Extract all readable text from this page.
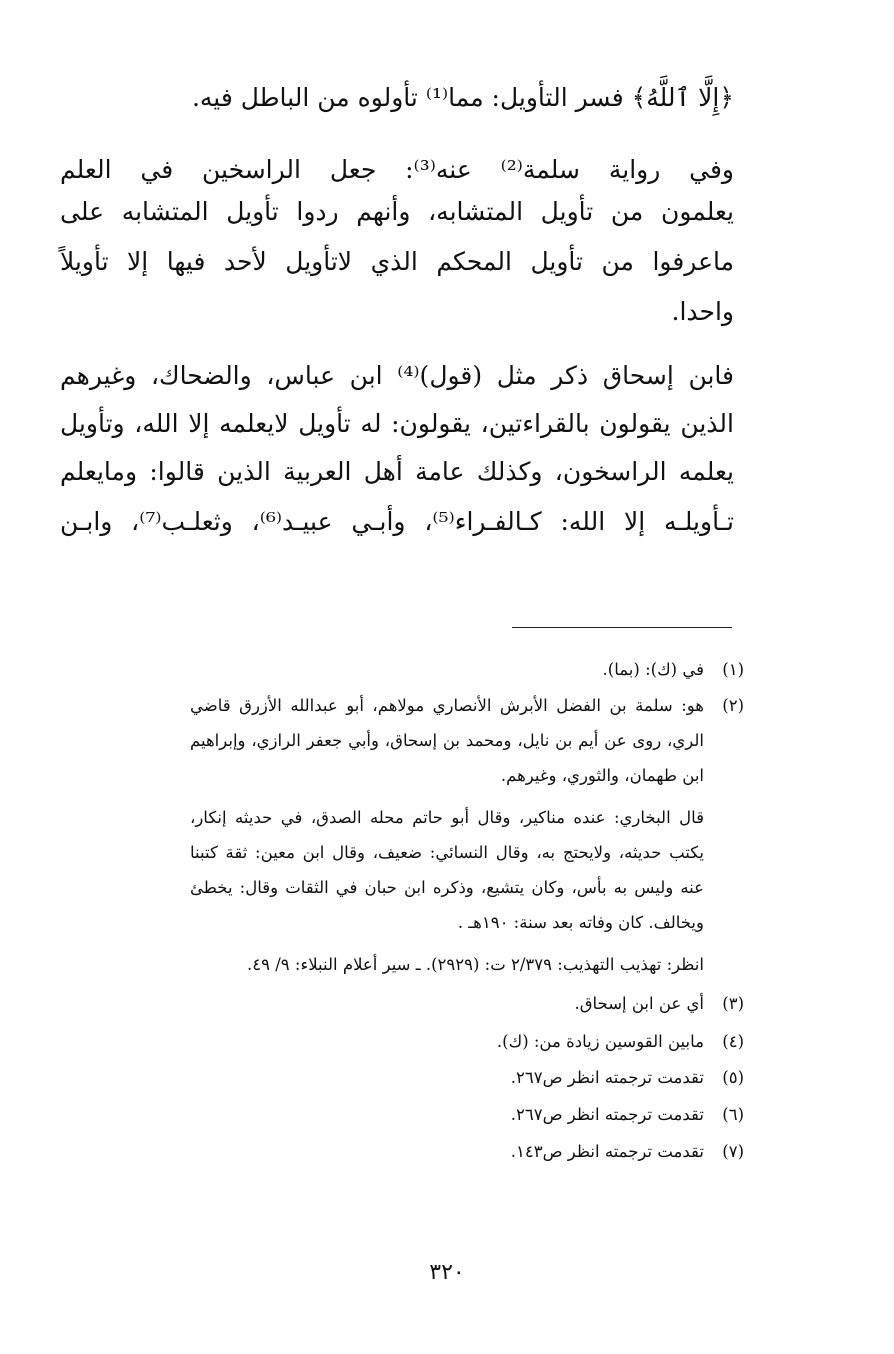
﴿إِلَّا ٱللَّهُ﴾ فسر التأويل: مما⁽¹⁾ تأولوه من الباطل فيه.
وفي رواية سلمة⁽²⁾ عنه⁽³⁾: جعل الراسخين في العلم
يعلمون من تأويل المتشابه، وأنهم ردوا تأويل المتشابه على
ماعرفوا من تأويل المحكم الذي لاتأويل لأحد فيها إلا تأويلاً
واحدا.
فابن إسحاق ذكر مثل (قول)⁽⁴⁾ ابن عباس، والضحاك، وغيرهم
الذين يقولون بالقراءتين، يقولون: له تأويل لايعلمه إلا الله، وتأويل
يعلمه الراسخون، وكذلك عامة أهل العربية الذين قالوا: ومايعلم
تـأويلـه إلا الله: كـالفـراء⁽⁵⁾، وأبـي عبيـد⁽⁶⁾، وثعلـب⁽⁷⁾، وابـن
(١)
في (ك): (بما).
(٢)
هو: سلمة بن الفضل الأبرش الأنصاري مولاهم، أبو عبدالله الأزرق قاضي
الري، روى عن أيم بن نايل، ومحمد بن إسحاق، وأبي جعفر الرازي، وإبراهيم
ابن طهمان، والثوري، وغيرهم.
قال البخاري: عنده مناكير، وقال أبو حاتم محله الصدق، في حديثه إنكار،
يكتب حديثه، ولايحتج به، وقال النسائي: ضعيف، وقال ابن معين: ثقة كتبنا
عنه وليس به بأس، وكان يتشيع، وذكره ابن حبان في الثقات وقال: يخطئ
ويخالف. كان وفاته بعد سنة: ١٩٠هـ .
انظر: تهذيب التهذيب: ٢/٣٧٩ ت: (٢٩٢٩). ـ سير أعلام النبلاء: ٩/ ٤٩.
(٣)
أي عن ابن إسحاق.
(٤)
مابين القوسين زيادة من: (ك).
(٥)
تقدمت ترجمته انظر ص٢٦٧.
(٦)
تقدمت ترجمته انظر ص٢٦٧.
(٧)
تقدمت ترجمته انظر ص١٤٣.
٣٢٠
